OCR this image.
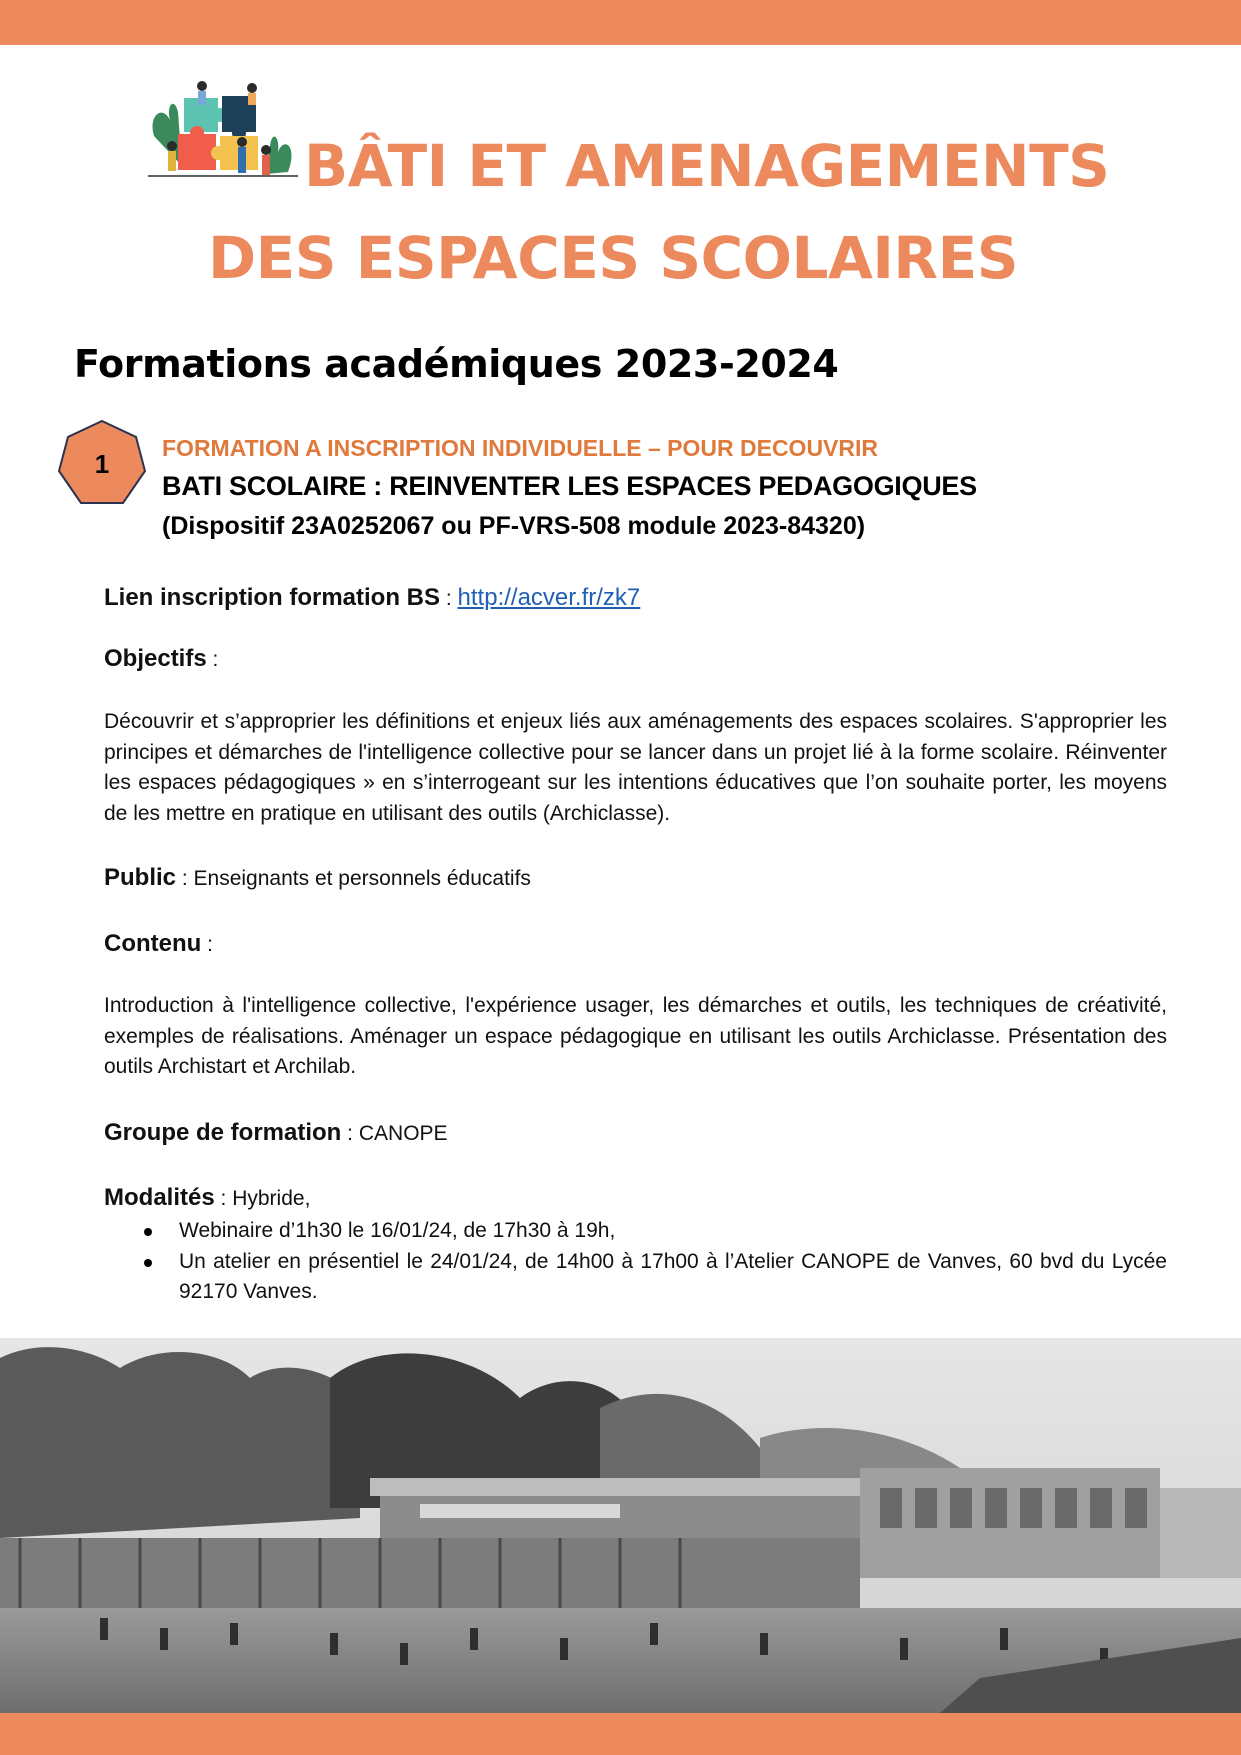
BÂTI ET AMENAGEMENTS
DES ESPACES SCOLAIRES
Formations académiques 2023-2024
1

FORMATION A INSCRIPTION INDIVIDUELLE – POUR DECOUVRIR

BATI SCOLAIRE : REINVENTER LES ESPACES PEDAGOGIQUES

(Dispositif 23A0252067 ou PF-VRS-508 module 2023-84320)

Lien inscription formation BS : http://acver.fr/zk7
Objectifs :

Découvrir et s’approprier les définitions et enjeux liés aux aménagements des espaces scolaires. S'approprier les principes et démarches de l'intelligence collective pour se lancer dans un projet lié à la forme scolaire. Réinventer les espaces pédagogiques » en s’interrogeant sur les intentions éducatives que l’on souhaite porter, les moyens de les mettre en pratique en utilisant des outils (Archiclasse).

Public : Enseignants et personnels éducatifs
Contenu :

Introduction à l'intelligence collective, l'expérience usager, les démarches et outils, les techniques de créativité, exemples de réalisations. Aménager un espace pédagogique en utilisant les outils Archiclasse. Présentation des outils Archistart et Archilab.

Groupe de formation : CANOPE
Modalités : Hybride,
Webinaire d’1h30 le 16/01/24, de 17h30 à 19h,
Un atelier en présentiel le 24/01/24, de 14h00 à 17h00 à l’Atelier CANOPE de Vanves, 60 bvd du Lycée 92170 Vanves.
